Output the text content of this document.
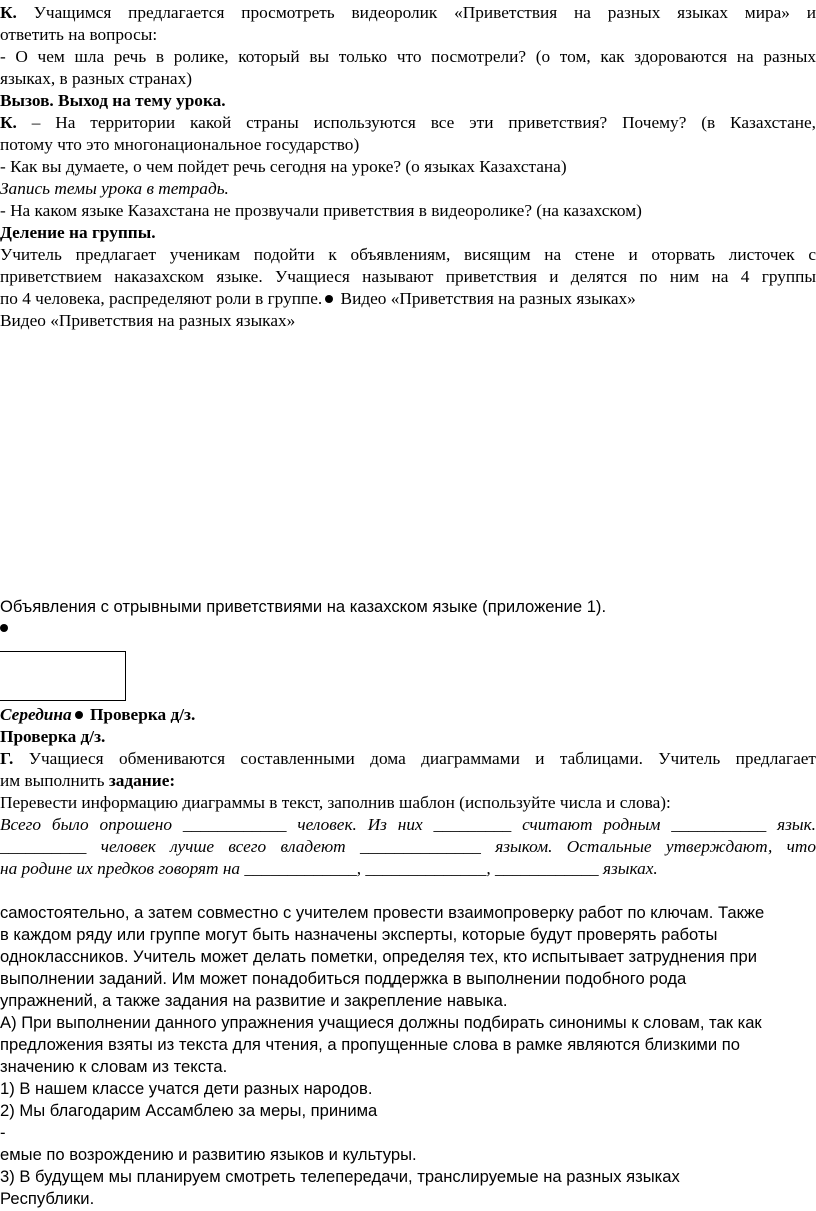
К. Учащимся предлагается просмотреть видеоролик «Приветствия на разных языках мира» и
ответить на вопросы:
- О чем шла речь в ролике, который вы только что посмотрели? (о том, как здороваются на разных
языках, в разных странах)
Вызов. Выход на тему урока.
К. – На территории какой страны используются все эти приветствия? Почему? (в Казахстане,
потому что это многонациональное государство)
- Как вы думаете, о чем пойдет речь сегодня на уроке? (о языках Казахстана)
Запись темы урока в тетрадь.
- На каком языке Казахстана не прозвучали приветствия в видеоролике? (на казахском)
Деление на группы.
Учитель предлагает ученикам подойти к объявлениям, висящим на стене и оторвать листочек с
приветствием наказахском языке. Учащиеся называют приветствия и делятся по ним на 4 группы
по 4 человека, распределяют роли в группе. Видео «Приветствия на разных языках»
Видео «Приветствия на разных языках»
Объявления с отрывными приветствиями на казахском языке (приложение 1).
Середина Проверка д/з.
Проверка д/з.
Г. Учащиеся обмениваются составленными дома диаграммами и таблицами. Учитель предлагает
им выполнить задание:
Перевести информацию диаграммы в текст, заполнив шаблон (используйте числа и слова):
Всего было опрошено ____________ человек. Из них _________ считают родным ___________ язык.
__________ человек лучше всего владеют ______________ языком. Остальные утверждают, что
на родине их предков говорят на _____________, ______________, ____________ языках.
самостоятельно, а затем совместно с учителем провести взаимопроверку работ по ключам. Также
в каждом ряду или группе могут быть назначены эксперты, которые будут проверять работы
одноклассников. Учитель может делать пометки, определяя тех, кто испытывает затруднения при
выполнении заданий. Им может понадобиться поддержка в выполнении подобного рода
упражнений, а также задания на развитие и закрепление навыка.
А) При выполнении данного упражнения учащиеся должны подбирать синонимы к словам, так как
предложения взяты из текста для чтения, а пропущенные слова в рамке являются близкими по
значению к словам из текста.
1) В нашем классе учатся дети разных народов.
2) Мы благодарим Ассамблею за меры, принима
-
емые по возрождению и развитию языков и культуры.
3) В будущем мы планируем смотреть телепередачи, транслируемые на разных языках
Республики.
